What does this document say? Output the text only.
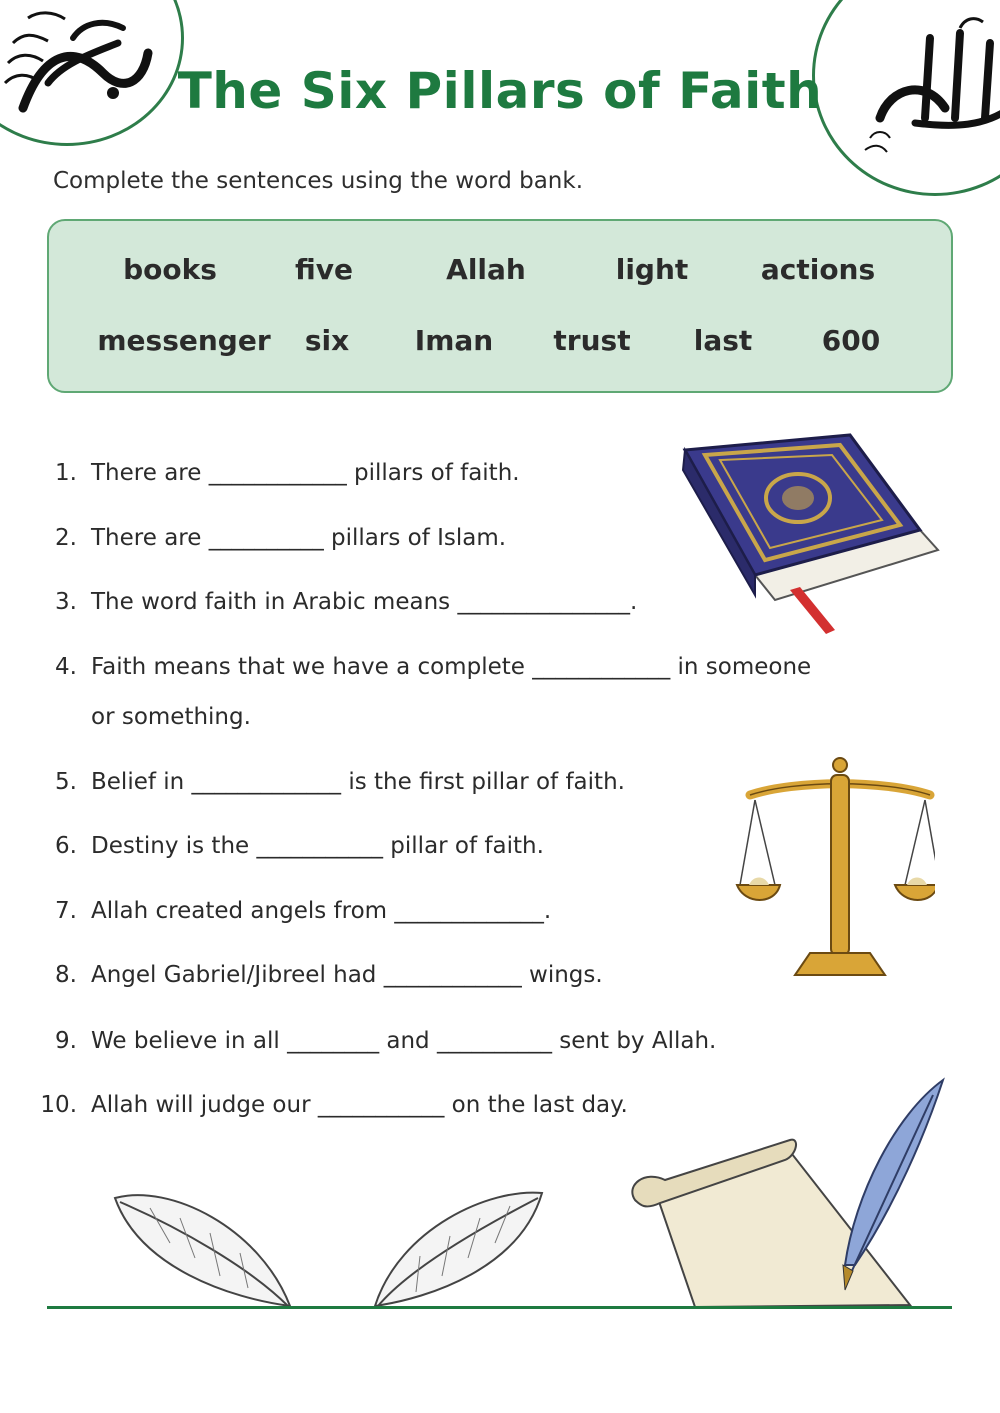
The Six Pillars of Faith
Complete the sentences using the word bank.
books	five	Allah	light	actions
messenger six Iman trust last 600
1. There are ____________ pillars of faith.
2. There are __________ pillars of Islam.
3. The word faith in Arabic means _______________.
4. Faith means that we have a complete ____________ in someone
or something.
5. Belief in _____________ is the first pillar of faith.
6. Destiny is the ___________ pillar of faith.
7. Allah created angels from _____________.
8. Angel Gabriel/Jibreel had ____________ wings.
9. We believe in all ________ and __________ sent by Allah.
10. Allah will judge our ___________ on the last day.
